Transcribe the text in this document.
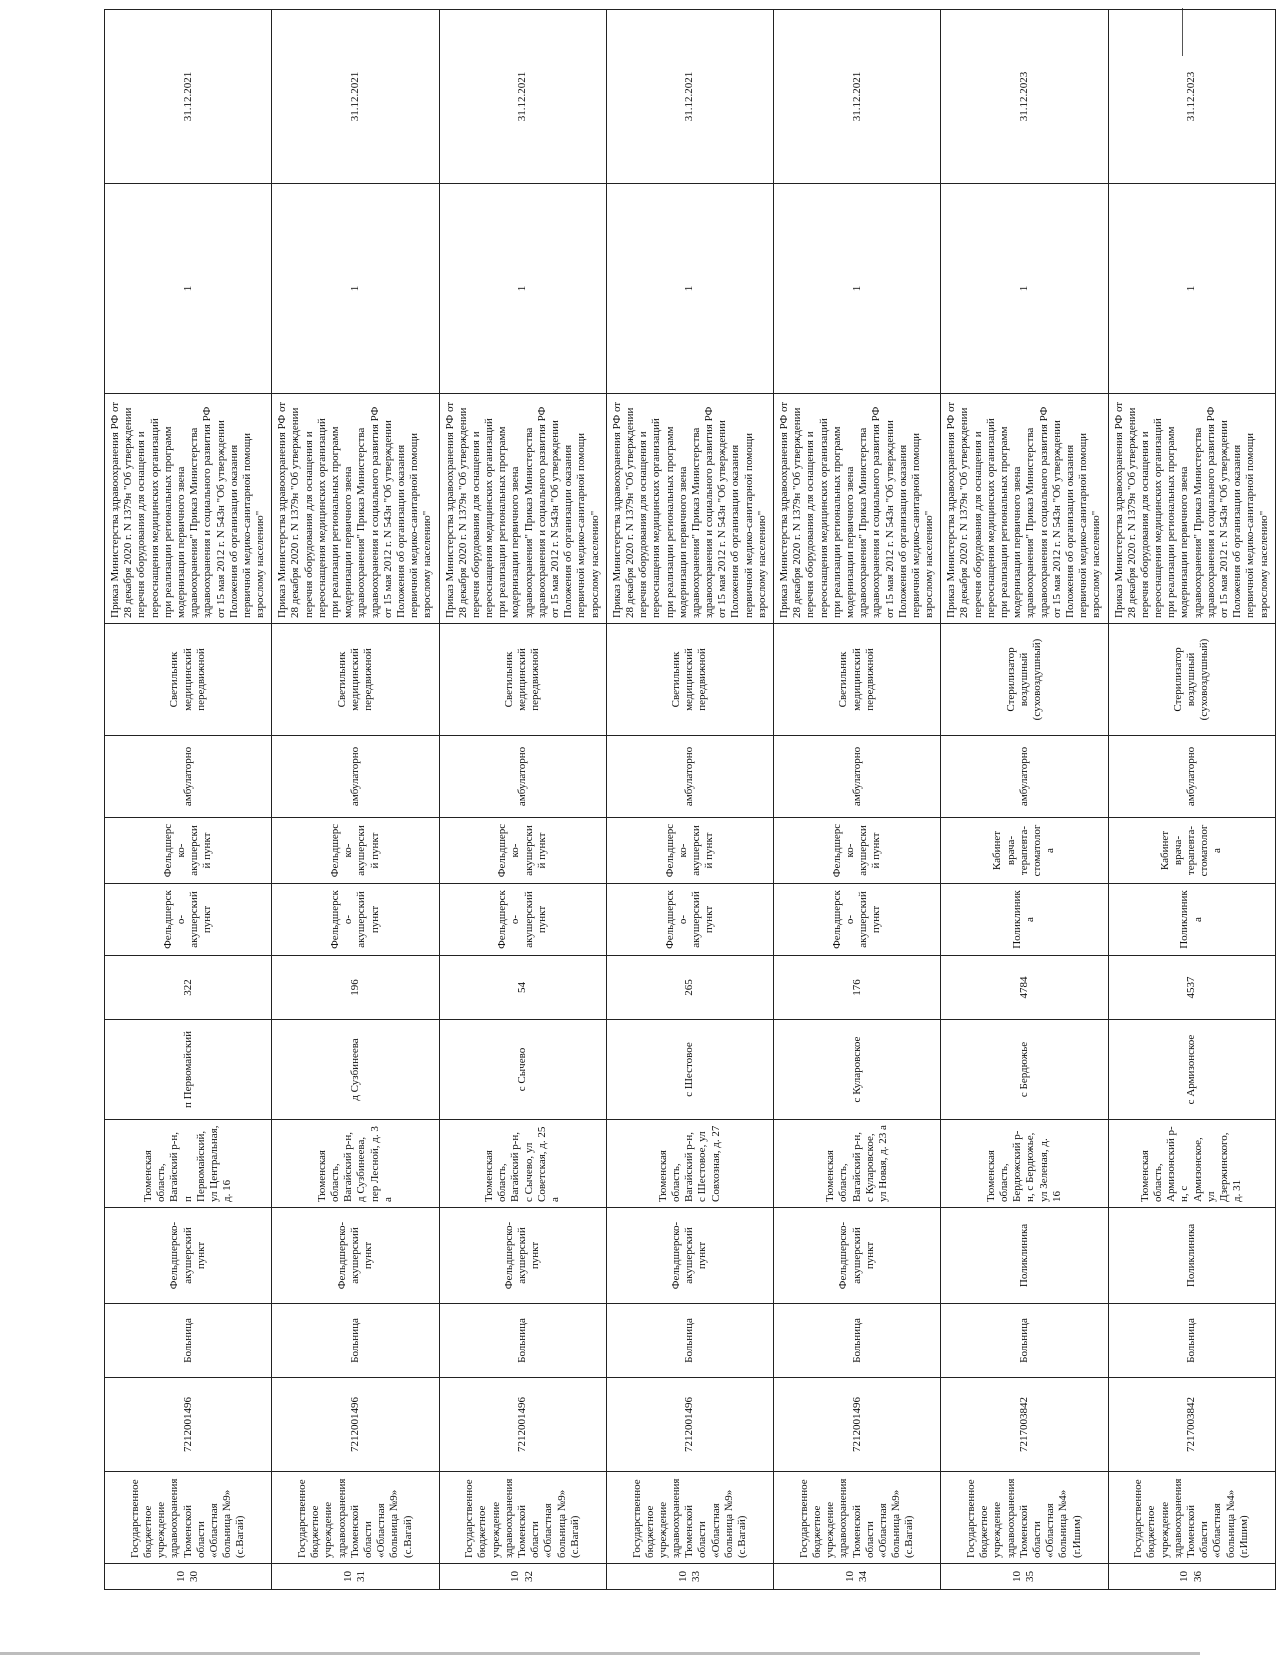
1030	Государственное бюджетное учреждение здравоохранения Тюменской области «Областная больница №9» (с.Вагай)	7212001496	Больница	Фельдшерско-акушерский пункт	Тюменская область, Вагайский р-н, п Первомайский, ул Центральная, д. 16	п Первомайский	322	Фельдшерско-акушерский пункт	Фельдшерско-акушерский пункт	амбулаторно	Светильник медицинский передвижной	Приказ Министерства здравоохранения РФ от 28 декабря 2020 г. N 1379н "Об утверждении перечня оборудования для оснащения и переоснащения медицинских организаций при реализации региональных программ модернизации первичного звена здравоохранения" Приказ Министерства здравоохранения и социального развития РФ от 15 мая 2012 г. N 543н "Об утверждении Положения об организации оказания первичной медико-санитарной помощи взрослому населению"	1	31.12.2021
1031	Государственное бюджетное учреждение здравоохранения Тюменской области «Областная больница №9» (с.Вагай)	7212001496	Больница	Фельдшерско-акушерский пункт	Тюменская область, Вагайский р-н, д Сузбинеева, пер Лесной, д. 3 а	д Сузбинеева	196	Фельдшерско-акушерский пункт	Фельдшерско-акушерский пункт	амбулаторно	Светильник медицинский передвижной	Приказ Министерства здравоохранения РФ от 28 декабря 2020 г. N 1379н "Об утверждении перечня оборудования для оснащения и переоснащения медицинских организаций при реализации региональных программ модернизации первичного звена здравоохранения" Приказ Министерства здравоохранения и социального развития РФ от 15 мая 2012 г. N 543н "Об утверждении Положения об организации оказания первичной медико-санитарной помощи взрослому населению"	1	31.12.2021
1032	Государственное бюджетное учреждение здравоохранения Тюменской области «Областная больница №9» (с.Вагай)	7212001496	Больница	Фельдшерско-акушерский пункт	Тюменская область, Вагайский р-н, с Сычево, ул Советская, д. 25 а	с Сычево	54	Фельдшерско-акушерский пункт	Фельдшерско-акушерский пункт	амбулаторно	Светильник медицинский передвижной	Приказ Министерства здравоохранения РФ от 28 декабря 2020 г. N 1379н "Об утверждении перечня оборудования для оснащения и переоснащения медицинских организаций при реализации региональных программ модернизации первичного звена здравоохранения" Приказ Министерства здравоохранения и социального развития РФ от 15 мая 2012 г. N 543н "Об утверждении Положения об организации оказания первичной медико-санитарной помощи взрослому населению"	1	31.12.2021
1033	Государственное бюджетное учреждение здравоохранения Тюменской области «Областная больница №9» (с.Вагай)	7212001496	Больница	Фельдшерско-акушерский пункт	Тюменская область, Вагайский р-н, с Шестовое, ул Совхозная, д. 27	с Шестовое	265	Фельдшерско-акушерский пункт	Фельдшерско-акушерский пункт	амбулаторно	Светильник медицинский передвижной	Приказ Министерства здравоохранения РФ от 28 декабря 2020 г. N 1379н "Об утверждении перечня оборудования для оснащения и переоснащения медицинских организаций при реализации региональных программ модернизации первичного звена здравоохранения" Приказ Министерства здравоохранения и социального развития РФ от 15 мая 2012 г. N 543н "Об утверждении Положения об организации оказания первичной медико-санитарной помощи взрослому населению"	1	31.12.2021
1034	Государственное бюджетное учреждение здравоохранения Тюменской области «Областная больница №9» (с.Вагай)	7212001496	Больница	Фельдшерско-акушерский пункт	Тюменская область, Вагайский р-н, с Куларовское, ул Новая, д. 23 а	с Куларовское	176	Фельдшерско-акушерский пункт	Фельдшерско-акушерский пункт	амбулаторно	Светильник медицинский передвижной	Приказ Министерства здравоохранения РФ от 28 декабря 2020 г. N 1379н "Об утверждении перечня оборудования для оснащения и переоснащения медицинских организаций при реализации региональных программ модернизации первичного звена здравоохранения" Приказ Министерства здравоохранения и социального развития РФ от 15 мая 2012 г. N 543н "Об утверждении Положения об организации оказания первичной медико-санитарной помощи взрослому населению"	1	31.12.2021
1035	Государственное бюджетное учреждение здравоохранения Тюменской области «Областная больница №4» (г.Ишим)	7217003842	Больница	Поликлиника	Тюменская область, Бердюжский р-н, с Бердюжье, ул Зеленая, д. 16	с Бердюжье	4784	Поликлиника	Кабинет врача-терапевта-стоматолога	амбулаторно	Стерилизатор воздушный (суховоздушный)	Приказ Министерства здравоохранения РФ от 28 декабря 2020 г. N 1379н "Об утверждении перечня оборудования для оснащения и переоснащения медицинских организаций при реализации региональных программ модернизации первичного звена здравоохранения" Приказ Министерства здравоохранения и социального развития РФ от 15 мая 2012 г. N 543н "Об утверждении Положения об организации оказания первичной медико-санитарной помощи взрослому населению"	1	31.12.2023
1036	Государственное бюджетное учреждение здравоохранения Тюменской области «Областная больница №4» (г.Ишим)	7217003842	Больница	Поликлиника	Тюменская область, Армизонский р-н, с Армизонское, ул Дзержинского, д. 31	с Армизонское	4537	Поликлиника	Кабинет врача-терапевта-стоматолога	амбулаторно	Стерилизатор воздушный (суховоздушный)	Приказ Министерства здравоохранения РФ от 28 декабря 2020 г. N 1379н "Об утверждении перечня оборудования для оснащения и переоснащения медицинских организаций при реализации региональных программ модернизации первичного звена здравоохранения" Приказ Министерства здравоохранения и социального развития РФ от 15 мая 2012 г. N 543н "Об утверждении Положения об организации оказания первичной медико-санитарной помощи взрослому населению"	1	31.12.2023
